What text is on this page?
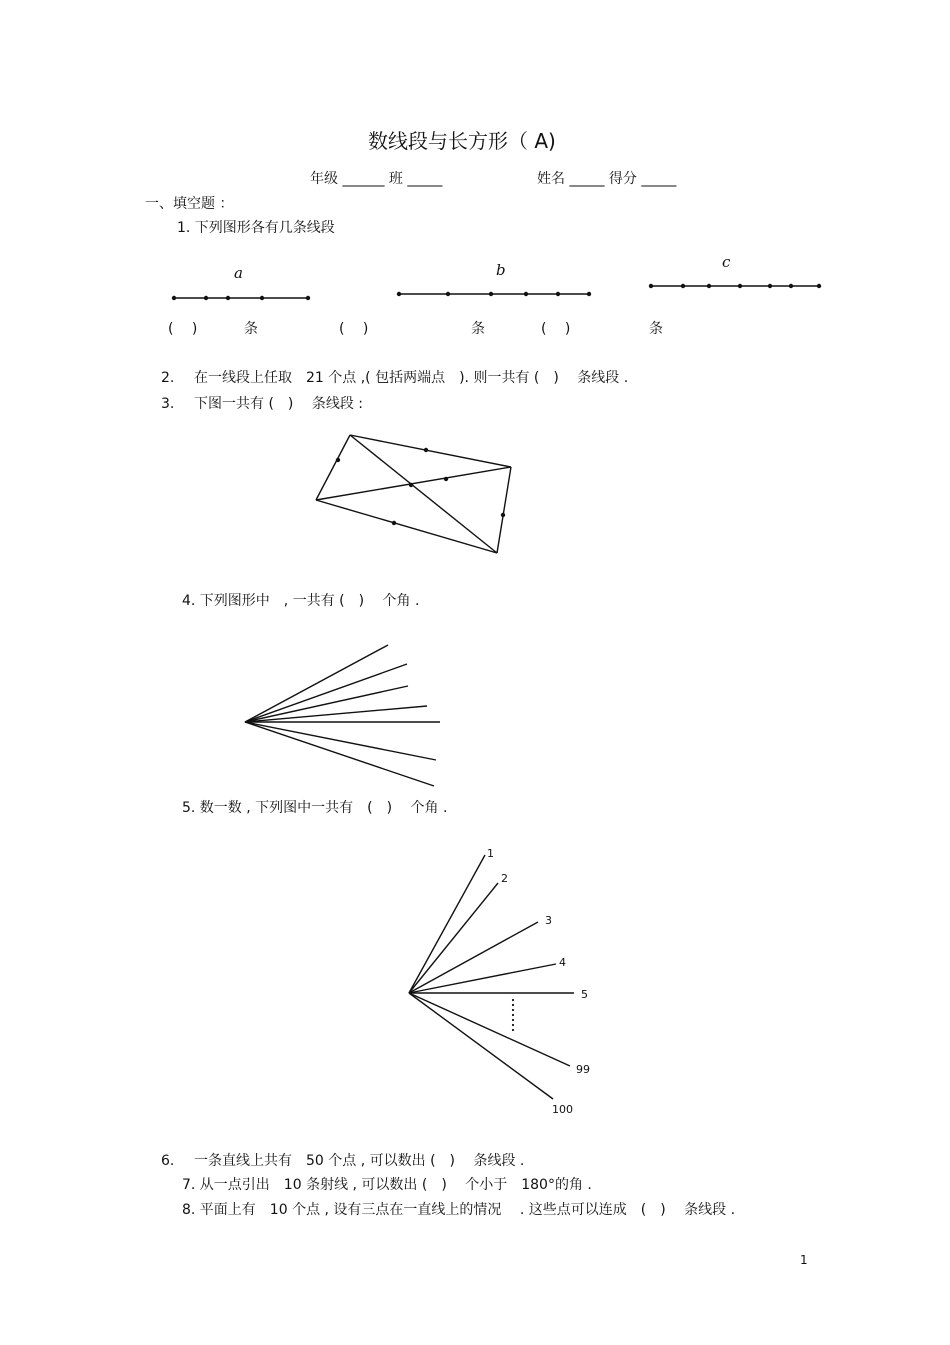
数线段与长方形（ A)
年级 ______ 班 _____	姓名 _____ 得分 _____
一、填空题 ：
1. 下列图形各有几条线段
a	b	c
(　 )	条	(　 )	条	(　 )	条
2. 在一线段上任取　21 个点 ,( 包括两端点　). 则一共有 (　)　 条线段 .
3. 下图一共有 (　)　 条线段 :
4. 下列图形中　, 一共有 (　)　 个角 .
5. 数一数 , 下列图中一共有　(　)　 个角 .
1
2
3
4
5
99
100
6. 一条直线上共有　50 个点 , 可以数出 (　)　 条线段 .
7. 从一点引出　10 条射线 , 可以数出 (　)　 个小于　180°的角 .
8. 平面上有　10 个点 , 设有三点在一直线上的情况　 . 这些点可以连成　(　)　 条线段 .
1
